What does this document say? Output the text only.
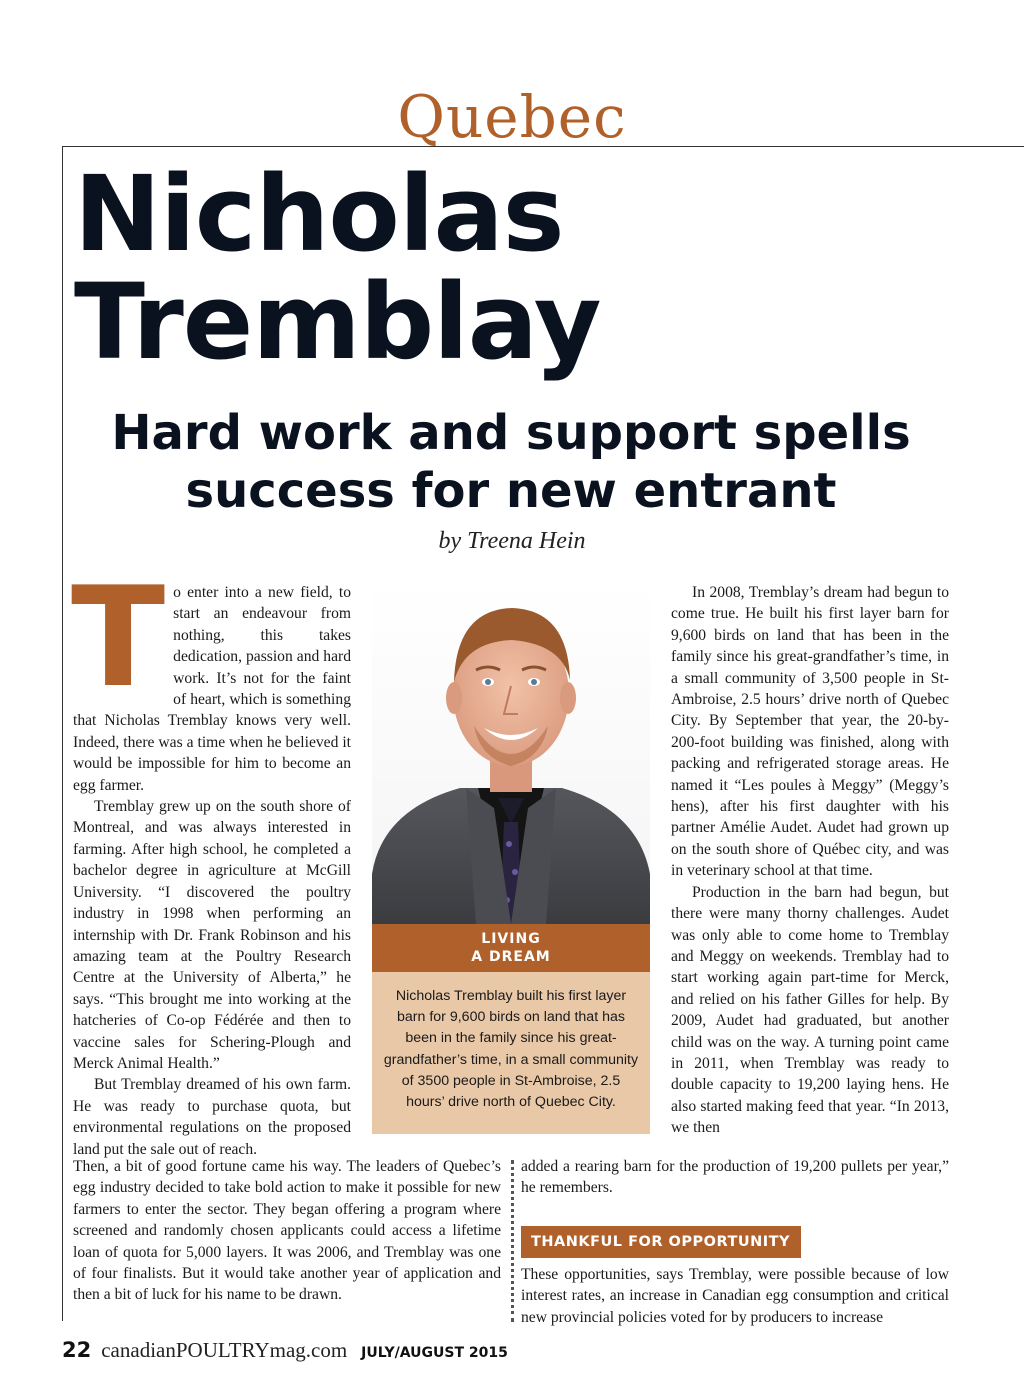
Quebec
Nicholas
Tremblay
Hard work and support spells success for new entrant
by Treena Hein

To enter into a new field, to start an endeavour from nothing, this takes dedication, passion and hard work. It’s not for the faint of heart, which is something that Nicholas Tremblay knows very well. Indeed, there was a time when he believed it would be impossible for him to become an egg farmer.

Tremblay grew up on the south shore of Montreal, and was always interested in farming. After high school, he completed a bachelor degree in agriculture at McGill University. “I discovered the poultry industry in 1998 when performing an internship with Dr. Frank Robinson and his amazing team at the Poultry Research Centre at the University of Alberta,” he says. “This brought me into working at the hatcheries of Co-op Fédérée and then to vaccine sales for Schering-Plough and Merck Animal Health.”

But Tremblay dreamed of his own farm. He was ready to purchase quota, but environmental regulations on the proposed land put the sale out of reach.

LIVING
A DREAM
Nicholas Tremblay built his first layer barn for 9,600 birds on land that has been in the family since his great-grandfather’s time, in a small community of 3500 people in St-Ambroise, 2.5 hours’ drive north of Quebec City.

In 2008, Tremblay’s dream had begun to come true. He built his first layer barn for 9,600 birds on land that has been in the family since his great-grandfather’s time, in a small community of 3,500 people in St-Ambroise, 2.5 hours’ drive north of Quebec City. By September that year, the 20-by-200-foot building was finished, along with packing and refrigerated storage areas. He named it “Les poules à Meggy” (Meggy’s hens), after his first daughter with his partner Amélie Audet. Audet had grown up on the south shore of Québec city, and was in veterinary school at that time.

Production in the barn had begun, but there were many thorny challenges. Audet was only able to come home to Tremblay and Meggy on weekends. Tremblay had to start working again part-time for Merck, and relied on his father Gilles for help. By 2009, Audet had graduated, but another child was on the way. A turning point came in 2011, when Tremblay was ready to double capacity to 19,200 laying hens. He also started making feed that year. “In 2013, we then

Then, a bit of good fortune came his way. The leaders of Quebec’s egg industry decided to take bold action to make it possible for new farmers to enter the sector. They began offering a program where screened and randomly chosen applicants could access a lifetime loan of quota for 5,000 layers. It was 2006, and Tremblay was one of four finalists. But it would take another year of application and then a bit of luck for his name to be drawn.

added a rearing barn for the production of 19,200 pullets per year,” he remembers.

THANKFUL FOR OPPORTUNITY

These opportunities, says Tremblay, were possible because of low interest rates, an increase in Canadian egg consumption and critical new provincial policies voted for by producers to increase

22 canadianPOULTRYmag.com JULY/AUGUST 2015
